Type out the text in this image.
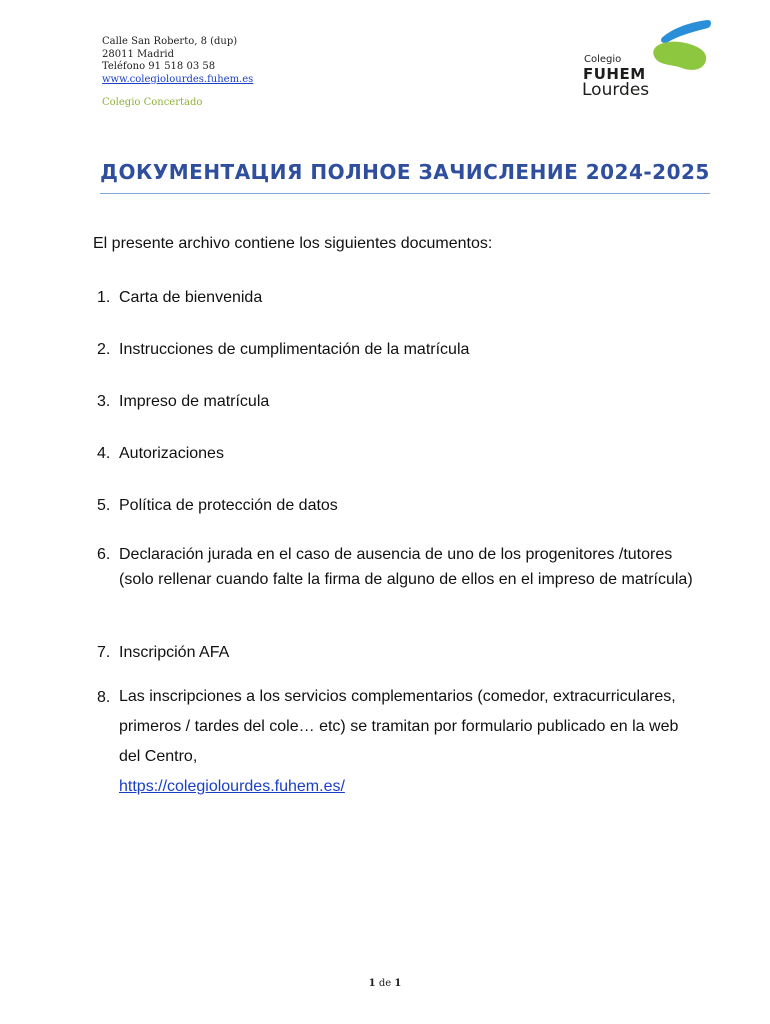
Calle San Roberto, 8 (dup)
28011 Madrid
Teléfono 91 518 03 58
www.colegiolourdes.fuhem.es
Colegio Concertado
Colegio
FUHEM
Lourdes
ДОКУМЕНТАЦИЯ ПОЛНОЕ ЗАЧИСЛЕНИЕ 2024-2025
El presente archivo contiene los siguientes documentos:
1. Carta de bienvenida
2. Instrucciones de cumplimentación de la matrícula
3. Impreso de matrícula
4. Autorizaciones
5. Política de protección de datos
6. Declaración jurada en el caso de ausencia de uno de los progenitores /tutores (solo rellenar cuando falte la firma de alguno de ellos en el impreso de matrícula)
7. Inscripción AFA
8. Las inscripciones a los servicios complementarios (comedor, extracurriculares, primeros / tardes del cole… etc) se tramitan por formulario publicado en la web del Centro,
https://colegiolourdes.fuhem.es/
1 de 1
